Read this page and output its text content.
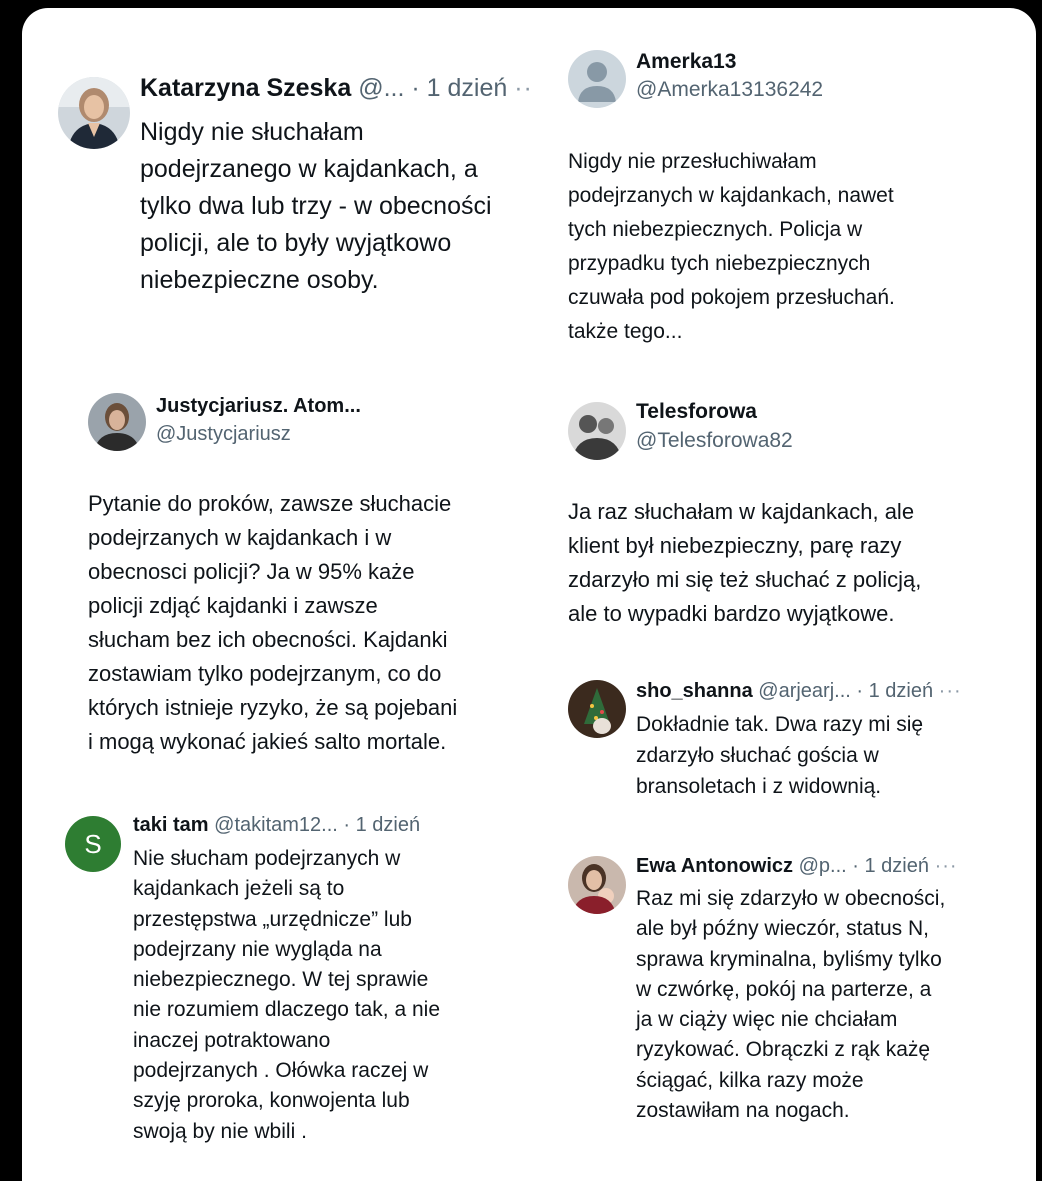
Katarzyna Szeska @... · 1 dzień ··
Nigdy nie słuchałam
podejrzanego w kajdankach, a
tylko dwa lub trzy - w obecności
policji, ale to były wyjątkowo
niebezpieczne osoby.
Amerka13
@Amerka13136242
Nigdy nie przesłuchiwałam
podejrzanych w kajdankach, nawet
tych niebezpiecznych. Policja w
przypadku tych niebezpiecznych
czuwała pod pokojem przesłuchań.
także tego...
Justycjariusz. Atom...
@Justycjariusz
Pytanie do proków, zawsze słuchacie
podejrzanych w kajdankach i w
obecnosci policji? Ja w 95% każe
policji zdjąć kajdanki i zawsze
słucham bez ich obecności. Kajdanki
zostawiam tylko podejrzanym, co do
których istnieje ryzyko, że są pojebani
i mogą wykonać jakieś salto mortale.
Telesforowa
@Telesforowa82
Ja raz słuchałam w kajdankach, ale
klient był niebezpieczny, parę razy
zdarzyło mi się też słuchać z policją,
ale to wypadki bardzo wyjątkowe.
sho_shanna @arjearj... · 1 dzień ···
Dokładnie tak. Dwa razy mi się
zdarzyło słuchać gościa w
bransoletach i z widownią.
S
taki tam @takitam12... · 1 dzień
Nie słucham podejrzanych w
kajdankach jeżeli są to
przestępstwa „urzędnicze” lub
podejrzany nie wygląda na
niebezpiecznego. W tej sprawie
nie rozumiem dlaczego tak, a nie
inaczej potraktowano
podejrzanych . Ołówka raczej w
szyję proroka, konwojenta lub
swoją by nie wbili .
Ewa Antonowicz @p... · 1 dzień ···
Raz mi się zdarzyło w obecności,
ale był późny wieczór, status N,
sprawa kryminalna, byliśmy tylko
w czwórkę, pokój na parterze, a
ja w ciąży więc nie chciałam
ryzykować. Obrączki z rąk każę
ściągać, kilka razy może
zostawiłam na nogach.
